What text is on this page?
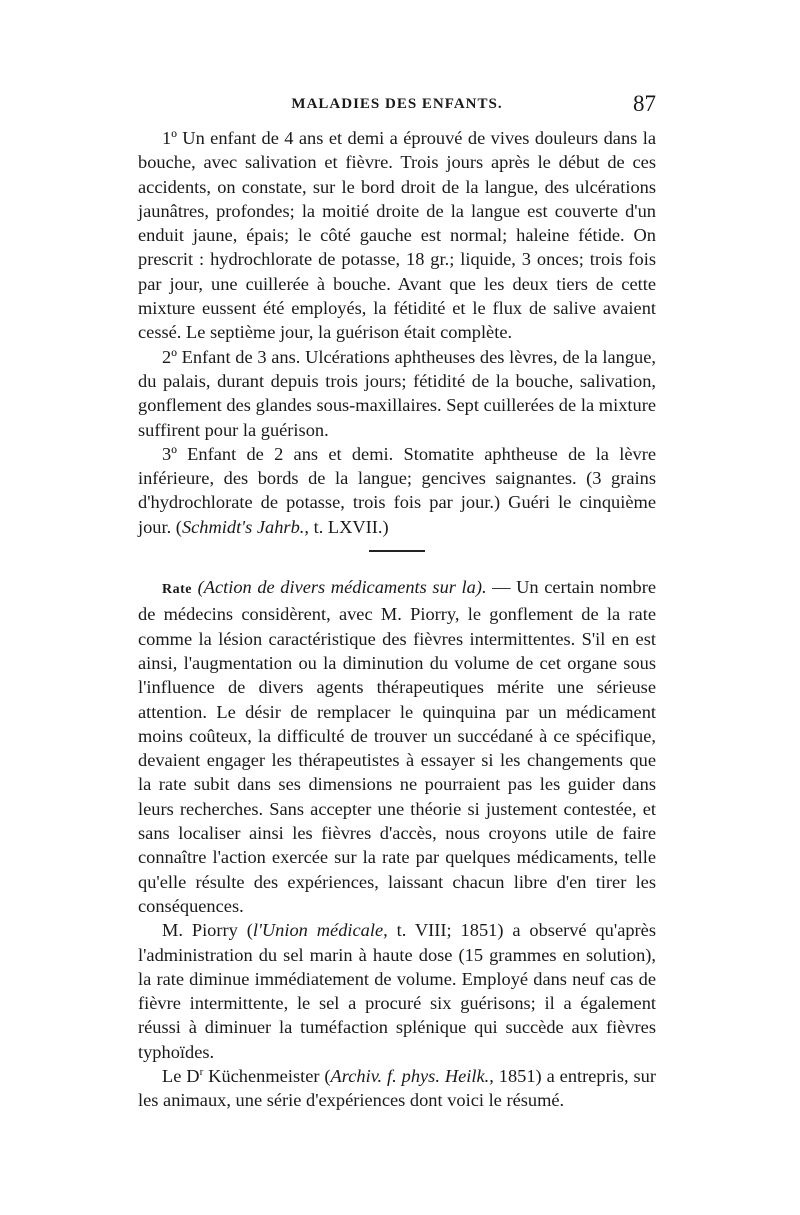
MALADIES DES ENFANTS.	87

1º Un enfant de 4 ans et demi a éprouvé de vives douleurs dans la bouche, avec salivation et fièvre. Trois jours après le début de ces accidents, on constate, sur le bord droit de la langue, des ulcérations jaunâtres, profondes; la moitié droite de la langue est couverte d'un enduit jaune, épais; le côté gauche est normal; haleine fétide. On prescrit : hydrochlorate de potasse, 18 gr.; liquide, 3 onces; trois fois par jour, une cuillerée à bouche. Avant que les deux tiers de cette mixture eussent été employés, la fétidité et le flux de salive avaient cessé. Le septième jour, la guérison était complète.

2º Enfant de 3 ans. Ulcérations aphtheuses des lèvres, de la langue, du palais, durant depuis trois jours; fétidité de la bouche, salivation, gonflement des glandes sous-maxillaires. Sept cuillerées de la mixture suffirent pour la guérison.

3º Enfant de 2 ans et demi. Stomatite aphtheuse de la lèvre inférieure, des bords de la langue; gencives saignantes. (3 grains d'hydrochlorate de potasse, trois fois par jour.) Guéri le cinquième jour. (Schmidt's Jahrb., t. LXVII.)

Rate (Action de divers médicaments sur la). — Un certain nombre de médecins considèrent, avec M. Piorry, le gonflement de la rate comme la lésion caractéristique des fièvres intermittentes. S'il en est ainsi, l'augmentation ou la diminution du volume de cet organe sous l'influence de divers agents thérapeutiques mérite une sérieuse attention. Le désir de remplacer le quinquina par un médicament moins coûteux, la difficulté de trouver un succédané à ce spécifique, devaient engager les thérapeutistes à essayer si les changements que la rate subit dans ses dimensions ne pourraient pas les guider dans leurs recherches. Sans accepter une théorie si justement contestée, et sans localiser ainsi les fièvres d'accès, nous croyons utile de faire connaître l'action exercée sur la rate par quelques médicaments, telle qu'elle résulte des expériences, laissant chacun libre d'en tirer les conséquences.

M. Piorry (l'Union médicale, t. VIII; 1851) a observé qu'après l'administration du sel marin à haute dose (15 grammes en solution), la rate diminue immédiatement de volume. Employé dans neuf cas de fièvre intermittente, le sel a procuré six guérisons; il a également réussi à diminuer la tuméfaction splénique qui succède aux fièvres typhoïdes.

Le $D^r$ Küchenmeister (Archiv. f. phys. Heilk., 1851) a entrepris, sur les animaux, une série d'expériences dont voici le résumé.
